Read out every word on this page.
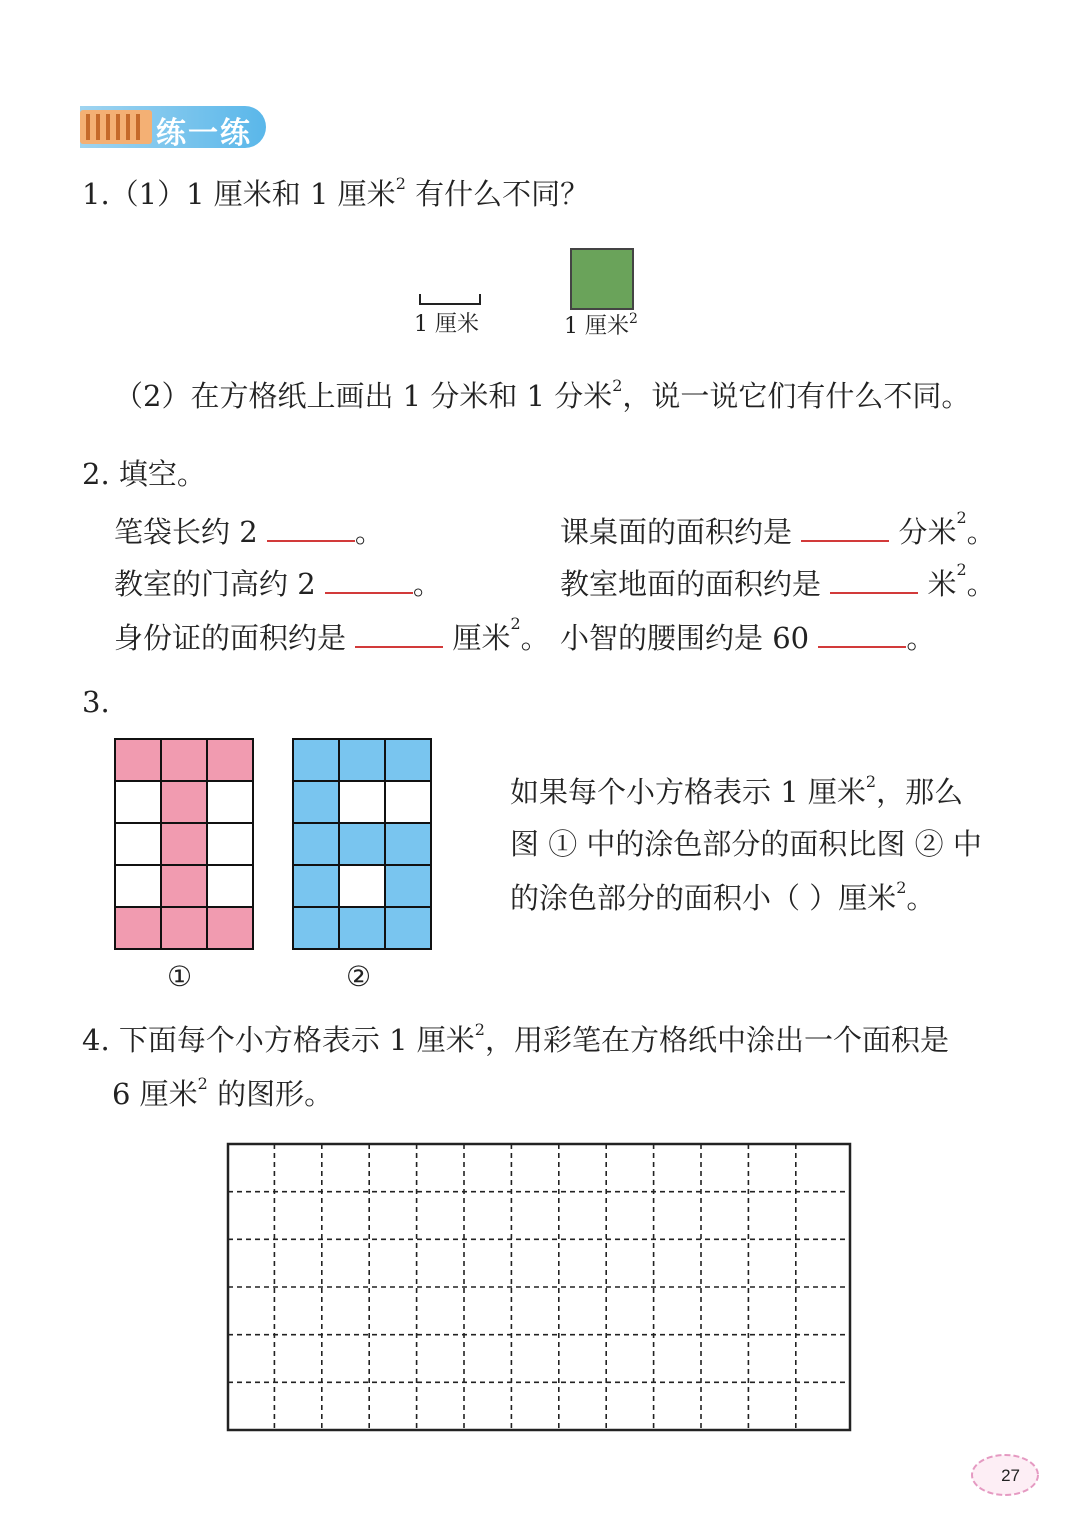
练一练
1.（1）1 厘米和 1 厘米$^2$ 有什么不同？
1 厘米	1 厘米$^2$
（2）在方格纸上画出 1 分米和 1 分米$^2$，说一说它们有什么不同。
2. 填空。
笔袋长约 2	。	课桌面的面积约是	分米$^2$。
教室的门高约 2	。	教室地面的面积约是	米$^2$。
身份证的面积约是	厘米$^2$。 小智的腰围约是 60	。
3.

①

			②
如果每个小方格表示 1 厘米$^2$，那么
图 ① 中的涂色部分的面积比图 ② 中
的涂色部分的面积小（ ）厘米$^2$。
4. 下面每个小方格表示 1 厘米$^2$，用彩笔在方格纸中涂出一个面积是
6 厘米$^2$ 的图形。
27
